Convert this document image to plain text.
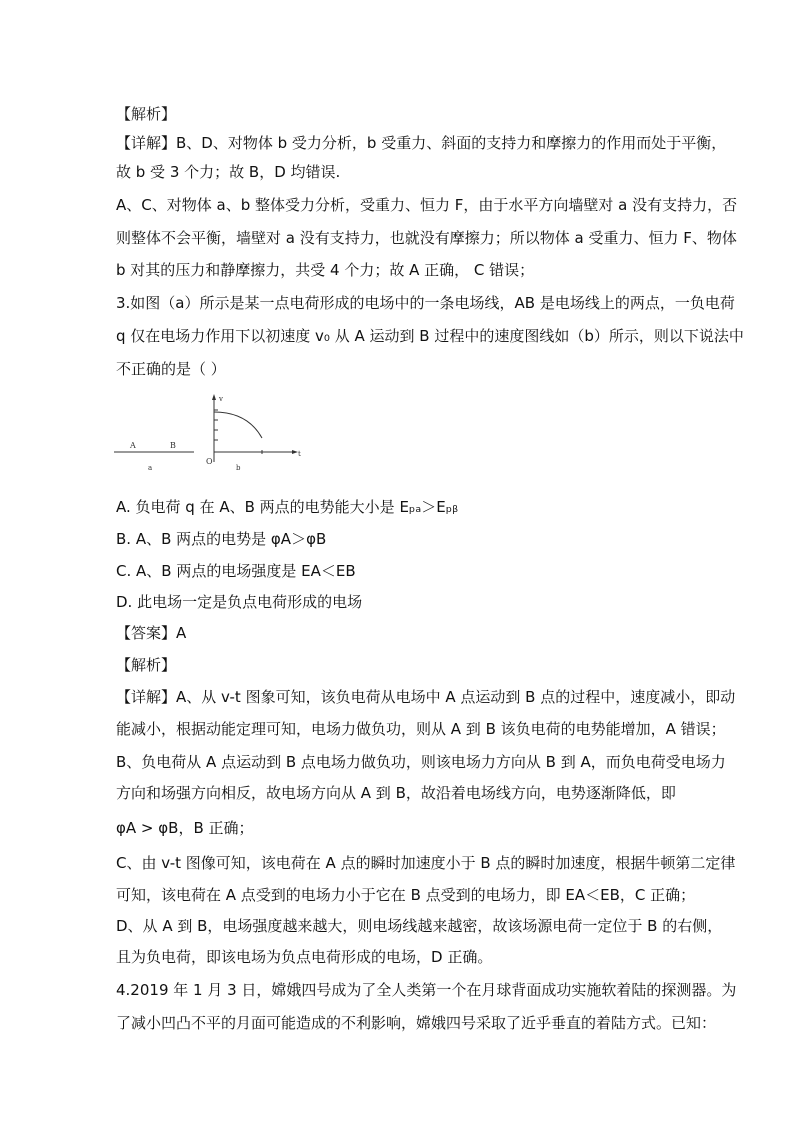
【解析】
【详解】B、D、对物体 b 受力分析，b 受重力、斜面的支持力和摩擦力的作用而处于平衡，
故 b 受 3 个力；故 B，D 均错误.
A、C、对物体 a、b 整体受力分析，受重力、恒力 F，由于水平方向墙壁对 a 没有支持力，否
则整体不会平衡，墙壁对 a 没有支持力，也就没有摩擦力；所以物体 a 受重力、恒力 F、物体
b 对其的压力和静摩擦力，共受 4 个力；故 A 正确， C 错误；
3.如图（a）所示是某一点电荷形成的电场中的一条电场线，AB 是电场线上的两点，一负电荷
q 仅在电场力作用下以初速度 v₀ 从 A 运动到 B 过程中的速度图线如（b）所示，则以下说法中
不正确的是（ ）
A	B
a
v
t
O
b
A. 负电荷 q 在 A、B 两点的电势能大小是 Eₚₐ＞Eₚᵦ
B. A、B 两点的电势是 φA＞φB
C. A、B 两点的电场强度是 EA＜EB
D. 此电场一定是负点电荷形成的电场
【答案】A
【解析】
【详解】A、从 v-t 图象可知，该负电荷从电场中 A 点运动到 B 点的过程中，速度减小，即动
能减小，根据动能定理可知，电场力做负功，则从 A 到 B 该负电荷的电势能增加，A 错误；
B、负电荷从 A 点运动到 B 点电场力做负功，则该电场力方向从 B 到 A，而负电荷受电场力
方向和场强方向相反，故电场方向从 A 到 B，故沿着电场线方向，电势逐渐降低，即
φA > φB，B 正确；
C、由 v-t 图像可知，该电荷在 A 点的瞬时加速度小于 B 点的瞬时加速度，根据牛顿第二定律
可知，该电荷在 A 点受到的电场力小于它在 B 点受到的电场力，即 EA＜EB，C 正确；
D、从 A 到 B，电场强度越来越大，则电场线越来越密，故该场源电荷一定位于 B 的右侧，
且为负电荷，即该电场为负点电荷形成的电场，D 正确。
4.2019 年 1 月 3 日，嫦娥四号成为了全人类第一个在月球背面成功实施软着陆的探测器。为
了减小凹凸不平的月面可能造成的不利影响，嫦娥四号采取了近乎垂直的着陆方式。已知：
